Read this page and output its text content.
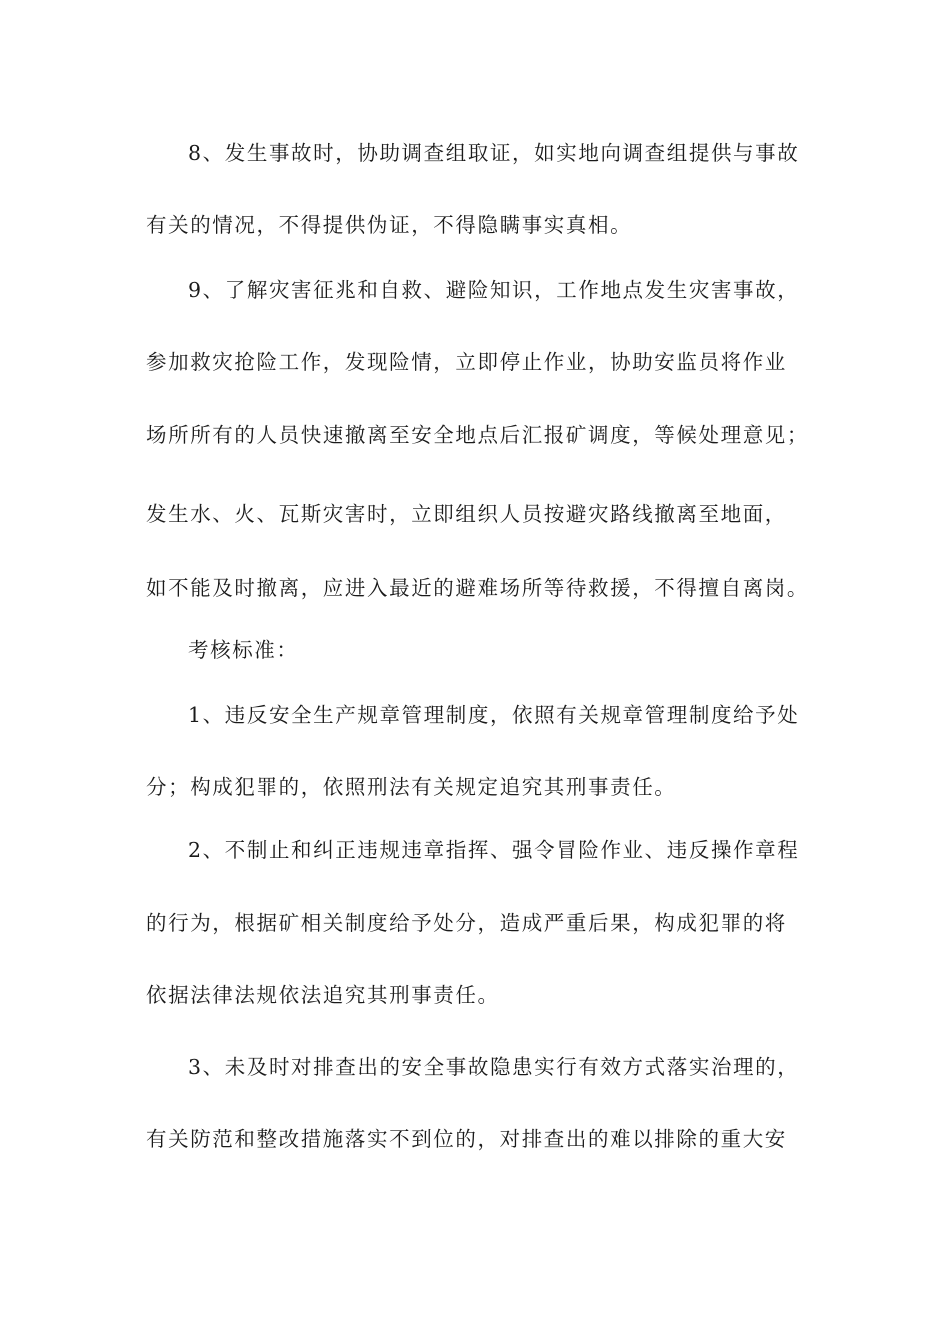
8、发生事故时，协助调查组取证，如实地向调查组提供与事故
有关的情况，不得提供伪证，不得隐瞒事实真相。
9、了解灾害征兆和自救、避险知识，工作地点发生灾害事故，
参加救灾抢险工作，发现险情，立即停止作业，协助安监员将作业
场所所有的人员快速撤离至安全地点后汇报矿调度，等候处理意见；
发生水、火、瓦斯灾害时，立即组织人员按避灾路线撤离至地面，
如不能及时撤离，应进入最近的避难场所等待救援，不得擅自离岗。
考核标准：
1、违反安全生产规章管理制度，依照有关规章管理制度给予处
分；构成犯罪的，依照刑法有关规定追究其刑事责任。
2、不制止和纠正违规违章指挥、强令冒险作业、违反操作章程
的行为，根据矿相关制度给予处分，造成严重后果，构成犯罪的将
依据法律法规依法追究其刑事责任。
3、未及时对排查出的安全事故隐患实行有效方式落实治理的，
有关防范和整改措施落实不到位的，对排查出的难以排除的重大安
